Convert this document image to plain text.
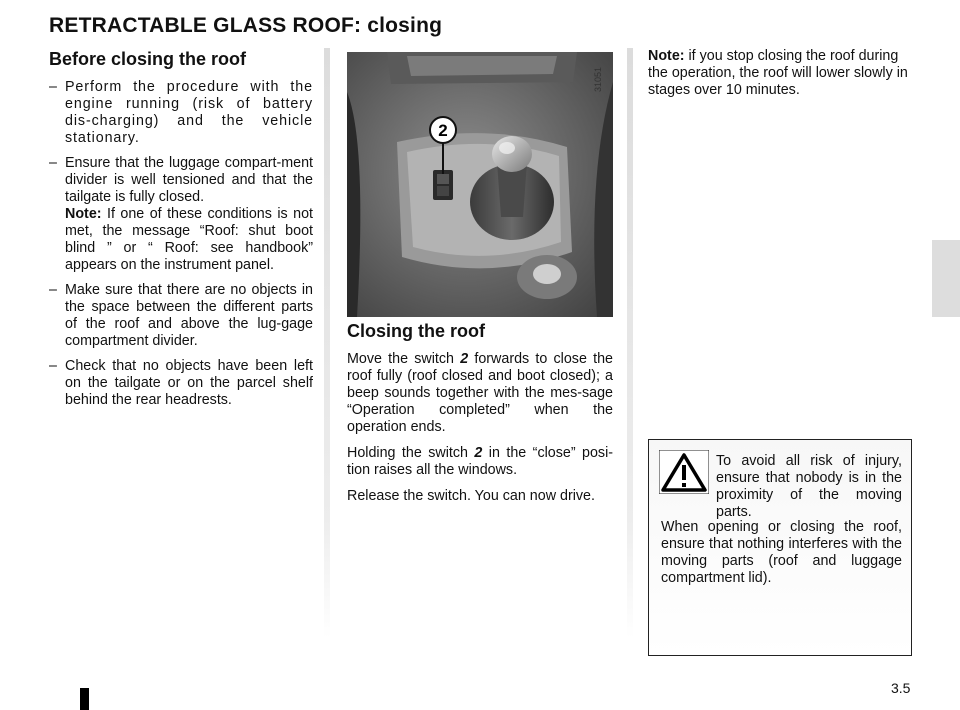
RETRACTABLE GLASS ROOF: closing
Before closing the roof
– Perform the procedure with the engine running (risk of battery dis-charging) and the vehicle stationary.
– Ensure that the luggage compart-ment divider is well tensioned and that the tailgate is fully closed.
Note: If one of these conditions is not met, the message “Roof: shut boot blind ” or “ Roof: see handbook” appears on the instrument panel.
– Make sure that there are no objects in the space between the different parts of the roof and above the lug-gage compartment divider.
– Check that no objects have been left on the tailgate or on the parcel shelf behind the rear headrests.
2
31051
Closing the roof

Move the switch 2 forwards to close the roof fully (roof closed and boot closed); a beep sounds together with the mes-sage “Operation completed” when the operation ends.

Holding the switch 2 in the “close” posi-tion raises all the windows.

Release the switch. You can now drive.

Note: if you stop closing the roof during the operation, the roof will lower slowly in stages over 10 minutes.

To avoid all risk of injury, ensure that nobody is in the proximity of the moving parts.
When opening or closing the roof, ensure that nothing interferes with the moving parts (roof and luggage compartment lid).
3.5
